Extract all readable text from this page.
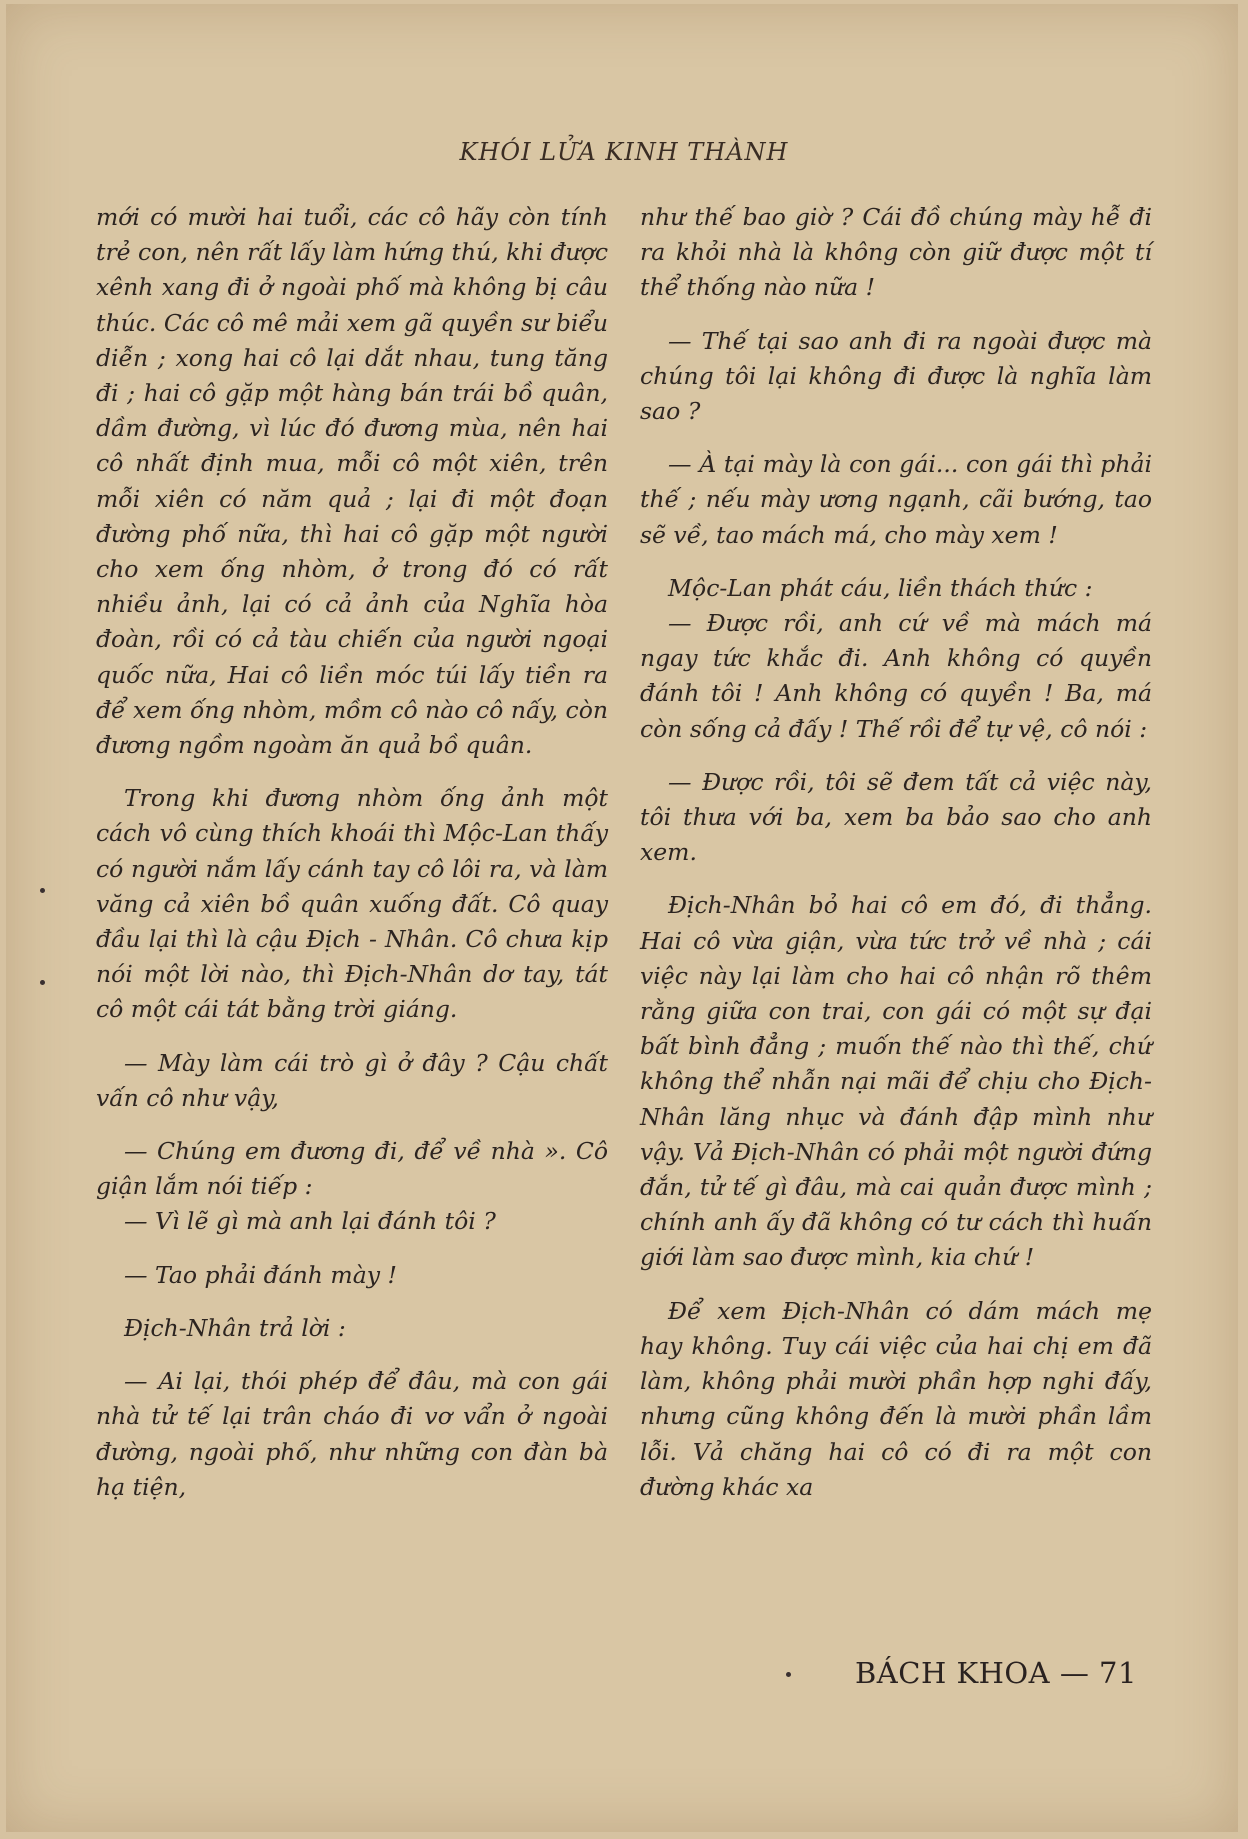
KHÓI LỬA KINH THÀNH

mới có mười hai tuổi, các cô hãy còn tính trẻ con, nên rất lấy làm hứng thú, khi được xênh xang đi ở ngoài phố mà không bị câu thúc. Các cô mê mải xem gã quyền sư biểu diễn ; xong hai cô lại dắt nhau, tung tăng đi ; hai cô gặp một hàng bán trái bồ quân, dầm đường, vì lúc đó đương mùa, nên hai cô nhất định mua, mỗi cô một xiên, trên mỗi xiên có năm quả ; lại đi một đoạn đường phố nữa, thì hai cô gặp một người cho xem ống nhòm, ở trong đó có rất nhiều ảnh, lại có cả ảnh của Nghĩa hòa đoàn, rồi có cả tàu chiến của người ngoại quốc nữa, Hai cô liền móc túi lấy tiền ra để xem ống nhòm, mồm cô nào cô nấy, còn đương ngồm ngoàm ăn quả bồ quân.

Trong khi đương nhòm ống ảnh một cách vô cùng thích khoái thì Mộc-Lan thấy có người nắm lấy cánh tay cô lôi ra, và làm văng cả xiên bồ quân xuống đất. Cô quay đầu lại thì là cậu Địch - Nhân. Cô chưa kịp nói một lời nào, thì Địch-Nhân dơ tay, tát cô một cái tát bằng trời giáng.

— Mày làm cái trò gì ở đây ? Cậu chất vấn cô như vậy,

— Chúng em đương đi, để về nhà ». Cô giận lắm nói tiếp :

— Vì lẽ gì mà anh lại đánh tôi ?

— Tao phải đánh mày !

Địch-Nhân trả lời :

— Ai lại, thói phép để đâu, mà con gái nhà tử tế lại trân cháo đi vơ vẩn ở ngoài đường, ngoài phố, như những con đàn bà hạ tiện,

như thế bao giờ ? Cái đồ chúng mày hễ đi ra khỏi nhà là không còn giữ được một tí thể thống nào nữa !

— Thế tại sao anh đi ra ngoài được mà chúng tôi lại không đi được là nghĩa làm sao ?

— À tại mày là con gái... con gái thì phải thế ; nếu mày ương ngạnh, cãi bướng, tao sẽ về, tao mách má, cho mày xem !

Mộc-Lan phát cáu, liền thách thức :

— Được rồi, anh cứ về mà mách má ngay tức khắc đi. Anh không có quyền đánh tôi ! Anh không có quyền ! Ba, má còn sống cả đấy ! Thế rồi để tự vệ, cô nói :

— Được rồi, tôi sẽ đem tất cả việc này, tôi thưa với ba, xem ba bảo sao cho anh xem.

Địch-Nhân bỏ hai cô em đó, đi thẳng. Hai cô vừa giận, vừa tức trở về nhà ; cái việc này lại làm cho hai cô nhận rõ thêm rằng giữa con trai, con gái có một sự đại bất bình đẳng ; muốn thế nào thì thế, chứ không thể nhẫn nại mãi để chịu cho Địch-Nhân lăng nhục và đánh đập mình như vậy. Vả Địch-Nhân có phải một người đứng đắn, tử tế gì đâu, mà cai quản được mình ; chính anh ấy đã không có tư cách thì huấn giới làm sao được mình, kia chứ !

Để xem Địch-Nhân có dám mách mẹ hay không. Tuy cái việc của hai chị em đã làm, không phải mười phần hợp nghi đấy, nhưng cũng không đến là mười phần lầm lỗi. Vả chăng hai cô có đi ra một con đường khác xa

BÁCH KHOA — 71
